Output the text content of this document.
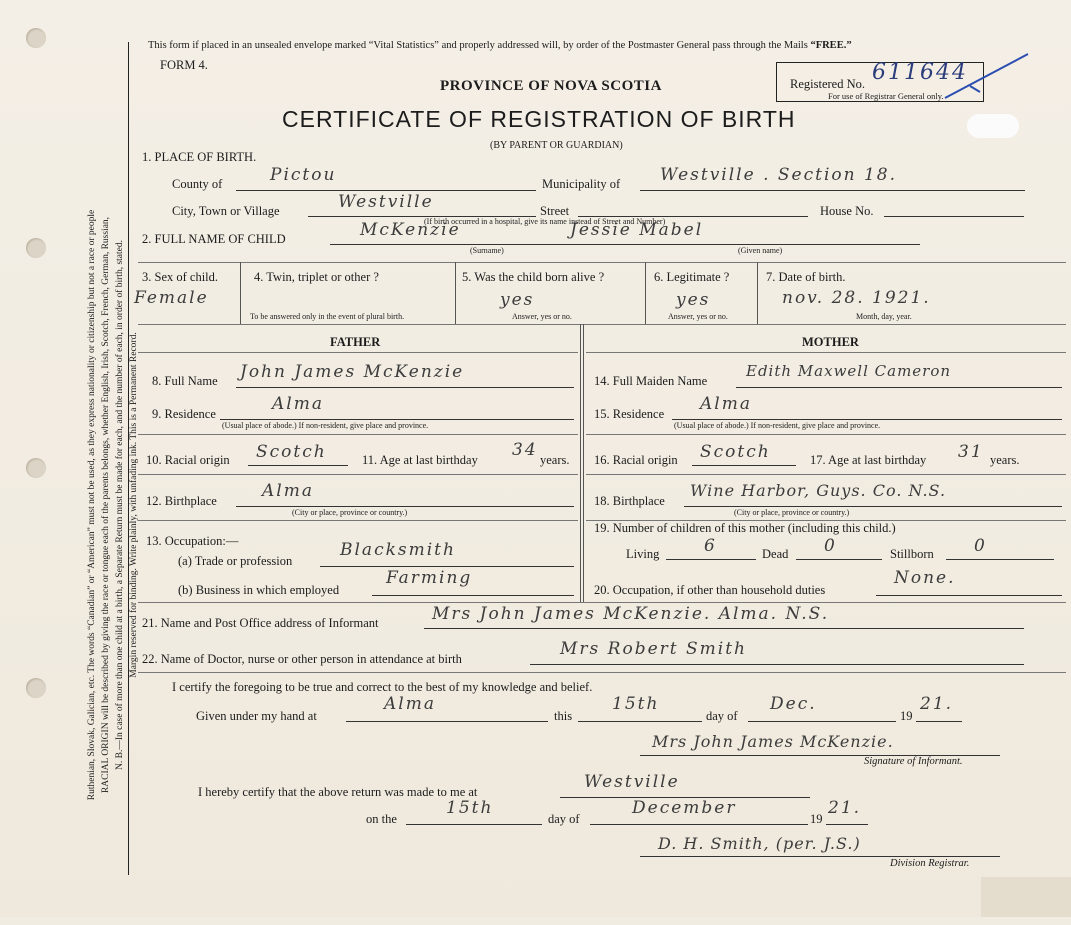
Ruthenian, Slovak, Galician, etc. The words “Canadian” or “American” must not be used, as they express nationality or citizenship but not a race or people RACIAL ORIGIN will be described by giving the race or tongue each of the parents belongs, whether English, Irish, Scotch, French, German, Russian, N. B.—In case of more than one child at a birth, a Separate Return must be made for each, and the number of each, in order of birth, stated. Margin reserved for binding. Write plainly, with unfading ink. This is a Permanent Record.
This form if placed in an unsealed envelope marked “Vital Statistics” and properly addressed will, by order of the Postmaster General pass through the Mails “FREE.”
FORM 4.
PROVINCE OF NOVA SCOTIA
CERTIFICATE OF REGISTRATION OF BIRTH
(BY PARENT OR GUARDIAN)
Registered No. 611644
For use of Registrar General only.
1. PLACE OF BIRTH.
County of	Pictou	Municipality of Westville . Section 18.
City, Town or Village	Westville	Street	House No.
(If birth occurred in a hospital, give its name instead of Street and Number)
2. FULL NAME OF CHILD	McKenzie	Jessie Mabel
(Surname)	(Given name)
3. Sex of child.
Female
4. Twin, triplet or other ?
To be answered only in the event of plural birth.
5. Was the child born alive ?
yes
Answer, yes or no.
6. Legitimate ?
yes
Answer, yes or no.
7. Date of birth.
nov. 28. 1921.
Month, day, year.
FATHER	MOTHER
8. Full Name John James McKenzie
9. Residence	Alma
(Usual place of abode.) If non-resident, give place and province.
10. Racial origin Scotch	11. Age at last birthday 34 years.
12. Birthplace	Alma
(City or place, province or country.)
13. Occupation:—
(a) Trade or profession
Blacksmith
(b) Business in which employed
Farming
14. Full Maiden Name
Edith Maxwell Cameron
15. Residence Alma
(Usual place of abode.) If non-resident, give place and province.
16. Racial origin Scotch	17. Age at last birthday 31 years.
18. Birthplace
Wine Harbor, Guys. Co. N.S.
(City or place, province or country.)
19. Number of children of this mother (including this child.)
Living	6	Dead 0	Stillborn 0
20. Occupation, if other than household duties
None.
21. Name and Post Office address of Informant	Mrs John James McKenzie. Alma. N.S.
22. Name of Doctor, nurse or other person in attendance at birth	Mrs Robert Smith
I certify the foregoing to be true and correct to the best of my knowledge and belief.
Given under my hand at
Alma
this
15th
day of
Dec.
19
21.
Mrs John James McKenzie.
Signature of Informant.
I hereby certify that the above return was made to me at	Westville
on the
15th
day of
December
19
21.
D. H. Smith, (per. J.S.)
Division Registrar.
